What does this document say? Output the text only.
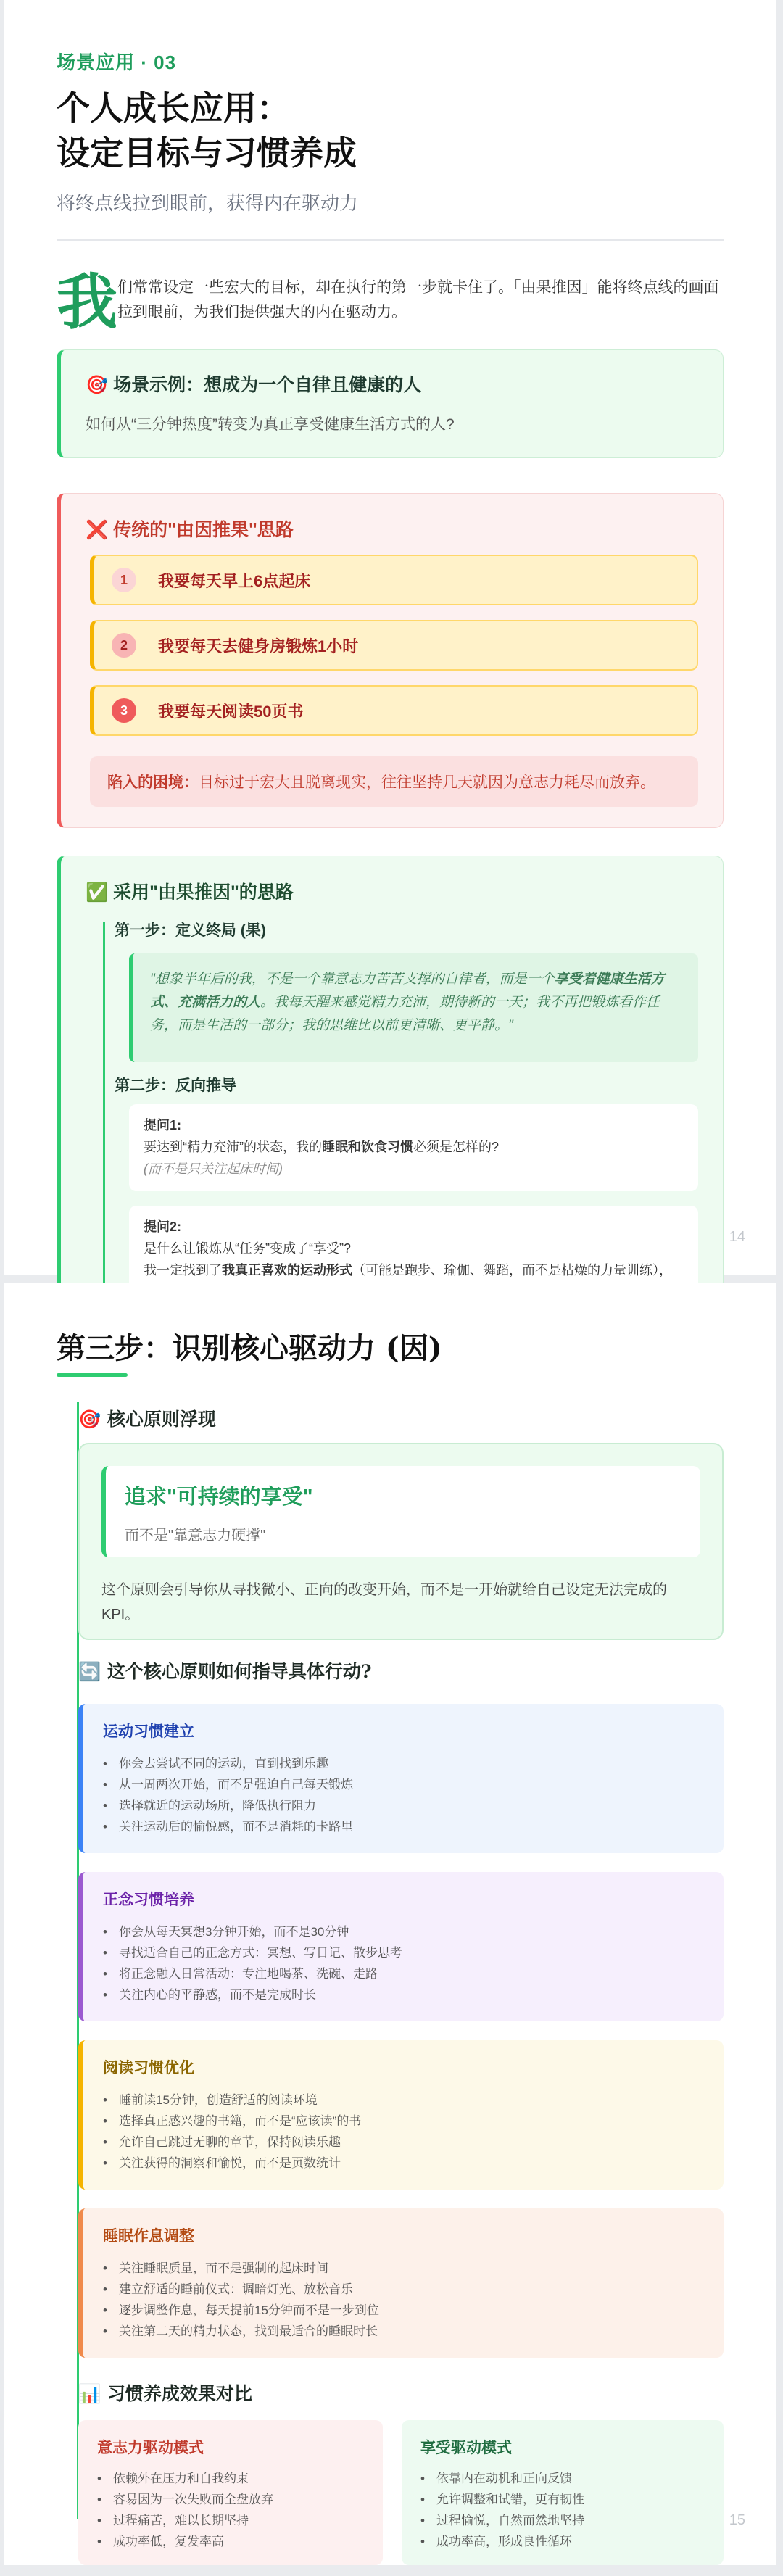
场景应用 · 03
个人成长应用：
设定目标与习惯养成
将终点线拉到眼前，获得内在驱动力
我 们常常设定一些宏大的目标，却在执行的第一步就卡住了。「由果推因」能将终点线的画面拉到眼前，为我们提供强大的内在驱动力。
🎯 场景示例：想成为一个自律且健康的人
如何从“三分钟热度”转变为真正享受健康生活方式的人?
❌ 传统的"由因推果"思路
1	我要每天早上6点起床
2	我要每天去健身房锻炼1小时
3	我要每天阅读50页书
陷入的困境： 目标过于宏大且脱离现实，往往坚持几天就因为意志力耗尽而放弃。
✅ 采用"由果推因"的思路
第一步：定义终局 (果)
"想象半年后的我，不是一个靠意志力苦苦支撑的自律者，而是一个享受着健康生活方式、充满活力的人。我每天醒来感觉精力充沛，期待新的一天；我不再把锻炼看作任务，而是生活的一部分；我的思维比以前更清晰、更平静。"
第二步：反向推导
提问1:
要达到“精力充沛”的状态，我的睡眠和饮食习惯必须是怎样的?
(而不是只关注起床时间)
提问2:
是什么让锻炼从“任务”变成了“享受”?
我一定找到了我真正喜欢的运动形式（可能是跑步、瑜伽、舞蹈，而不是枯燥的力量训练），
14
第三步：识别核心驱动力 (因)
🎯 核心原则浮现
追求"可持续的享受"
而不是"靠意志力硬撑"
这个原则会引导你从寻找微小、正向的改变开始，而不是一开始就给自己设定无法完成的KPI。
🔄 这个核心原则如何指导具体行动?
运动习惯建立
• 你会去尝试不同的运动，直到找到乐趣
• 从一周两次开始，而不是强迫自己每天锻炼
• 选择就近的运动场所，降低执行阻力
• 关注运动后的愉悦感，而不是消耗的卡路里
正念习惯培养
• 你会从每天冥想3分钟开始，而不是30分钟
• 寻找适合自己的正念方式：冥想、写日记、散步思考
• 将正念融入日常活动：专注地喝茶、洗碗、走路
• 关注内心的平静感，而不是完成时长
阅读习惯优化
• 睡前读15分钟，创造舒适的阅读环境
• 选择真正感兴趣的书籍，而不是“应该读”的书
• 允许自己跳过无聊的章节，保持阅读乐趣
• 关注获得的洞察和愉悦，而不是页数统计
睡眠作息调整
• 关注睡眠质量，而不是强制的起床时间
• 建立舒适的睡前仪式：调暗灯光、放松音乐
• 逐步调整作息，每天提前15分钟而不是一步到位
• 关注第二天的精力状态，找到最适合的睡眠时长
📊 习惯养成效果对比
意志力驱动模式
• 依赖外在压力和自我约束
• 容易因为一次失败而全盘放弃
• 过程痛苦，难以长期坚持
• 成功率低，复发率高
享受驱动模式
• 依靠内在动机和正向反馈
• 允许调整和试错，更有韧性
• 过程愉悦，自然而然地坚持
• 成功率高，形成良性循环
15
